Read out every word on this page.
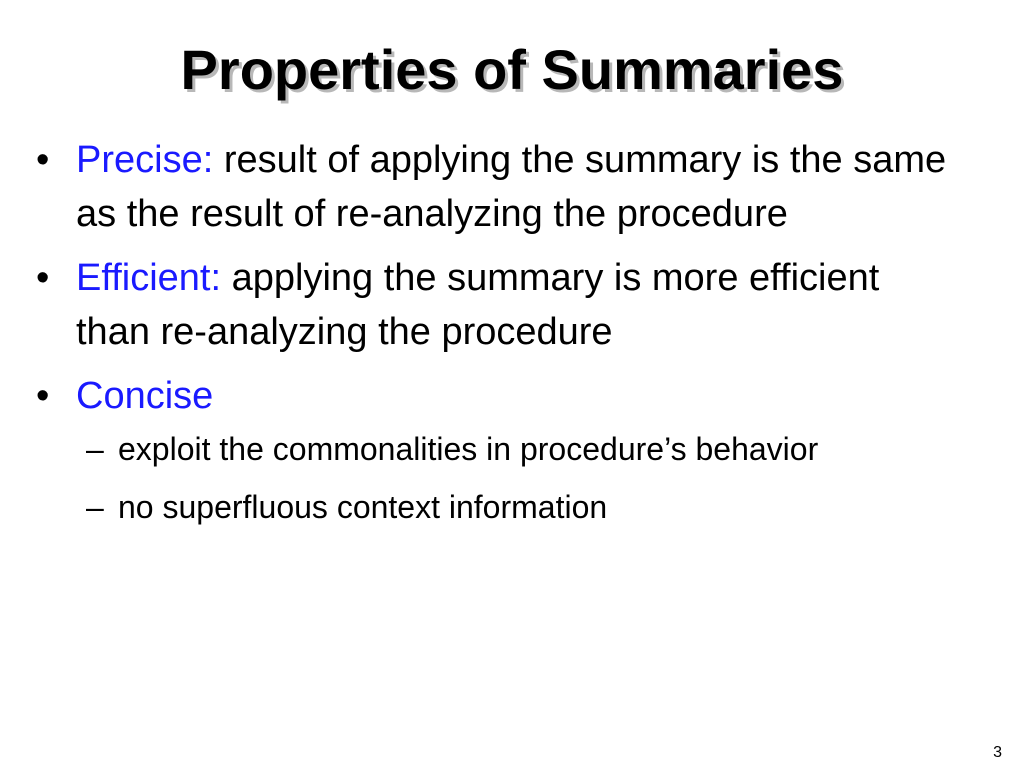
Properties of Summaries
• Precise: result of applying the summary is the same as the result of re-analyzing the procedure
• Efficient: applying the summary is more efficient than re-analyzing the procedure
• Concise
– exploit the commonalities in procedure’s behavior
– no superfluous context information
3
